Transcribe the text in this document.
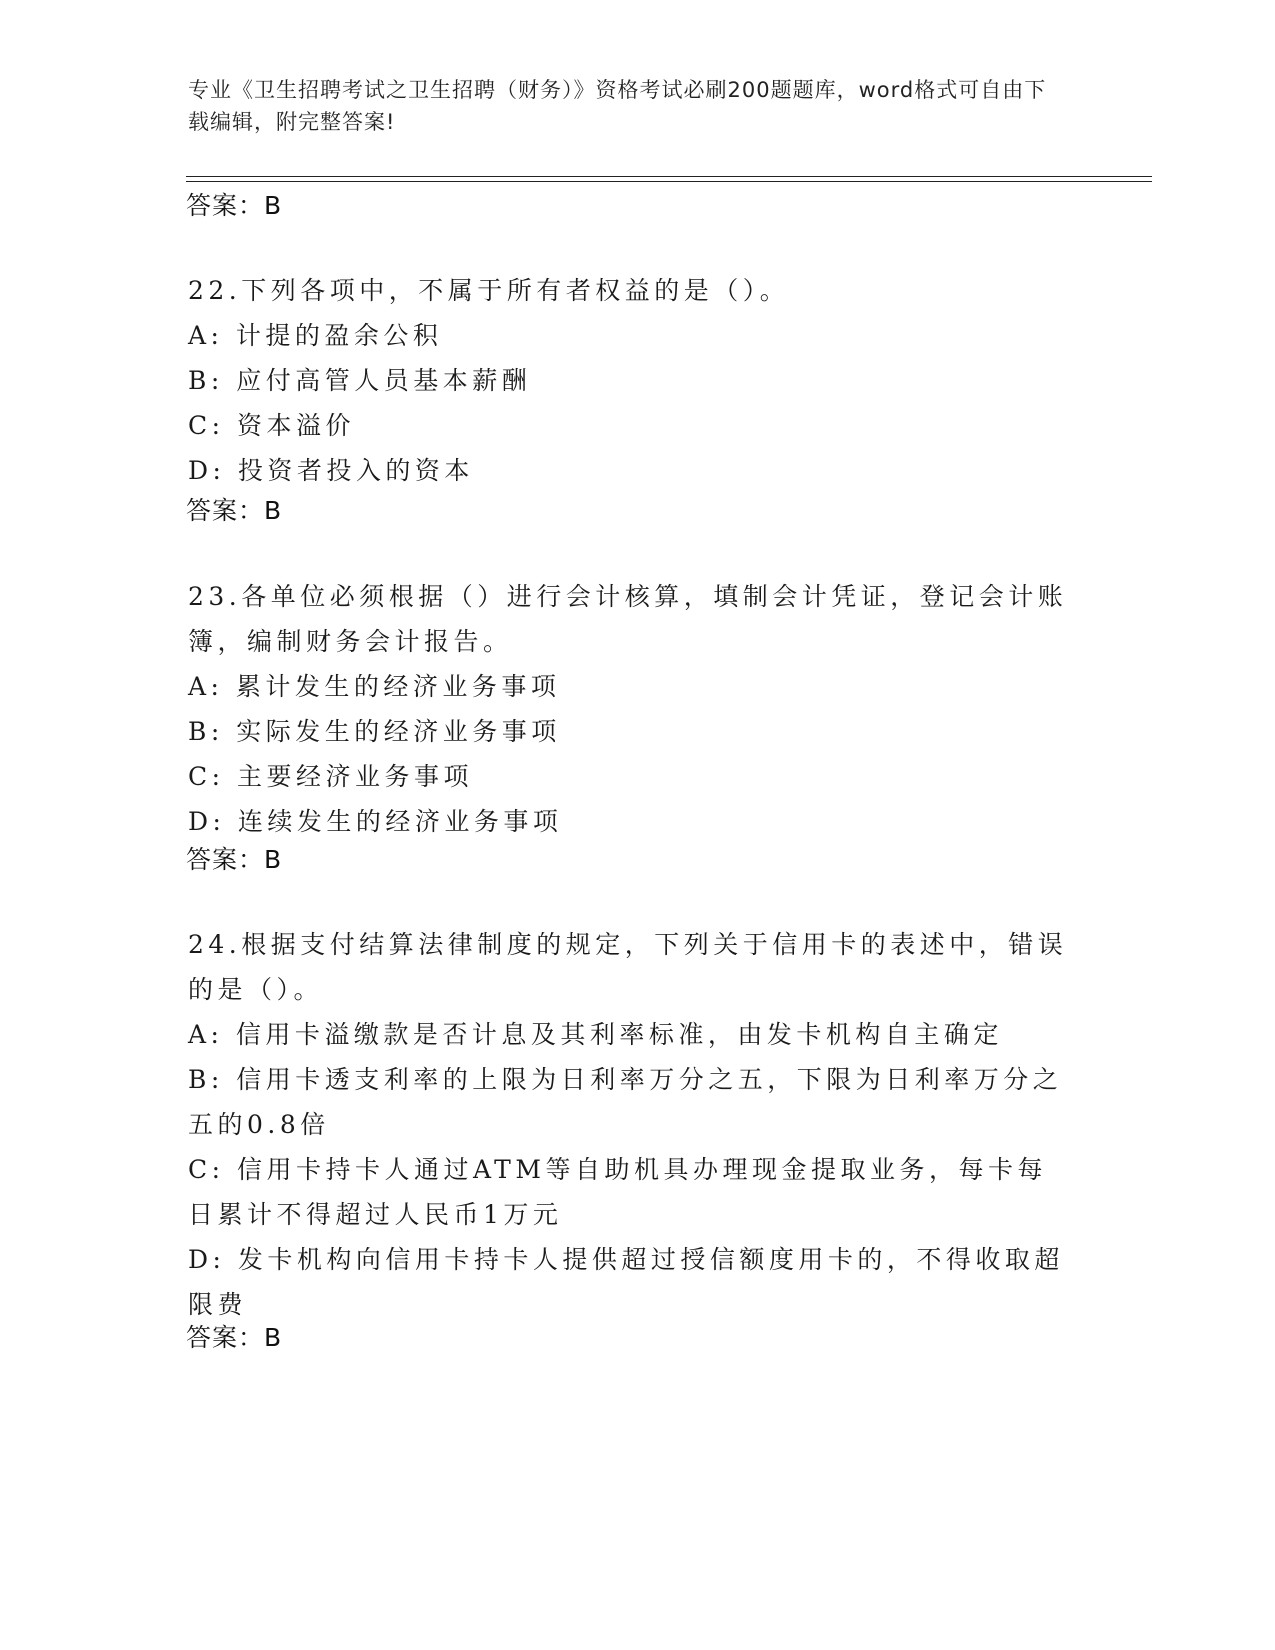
专业《卫生招聘考试之卫生招聘（财务）》资格考试必刷200题题库，word格式可自由下载编辑，附完整答案!
答案：B
22.下列各项中，不属于所有者权益的是（）。
A: 计提的盈余公积
B: 应付高管人员基本薪酬
C: 资本溢价
D: 投资者投入的资本
答案：B
23.各单位必须根据（）进行会计核算，填制会计凭证，登记会计账簿，编制财务会计报告。
A: 累计发生的经济业务事项
B: 实际发生的经济业务事项
C: 主要经济业务事项
D: 连续发生的经济业务事项
答案：B
24.根据支付结算法律制度的规定，下列关于信用卡的表述中，错误的是（）。
A: 信用卡溢缴款是否计息及其利率标准，由发卡机构自主确定
B: 信用卡透支利率的上限为日利率万分之五，下限为日利率万分之五的0.8倍
C: 信用卡持卡人通过ATM等自助机具办理现金提取业务，每卡每日累计不得超过人民币1万元
D: 发卡机构向信用卡持卡人提供超过授信额度用卡的，不得收取超限费
答案：B
